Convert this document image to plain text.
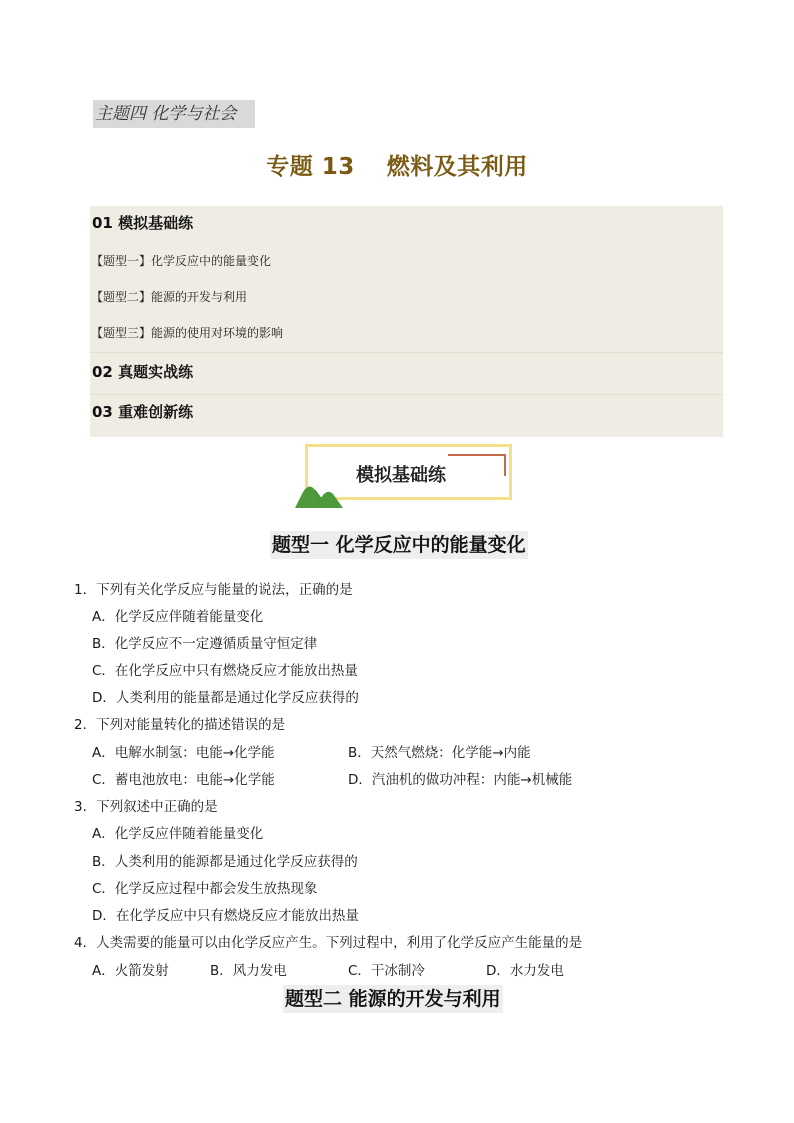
主题四 化学与社会
专题 13　 燃料及其利用
01 模拟基础练
【题型一】化学反应中的能量变化
【题型二】能源的开发与利用
【题型三】能源的使用对环境的影响
02 真题实战练
03 重难创新练
模拟基础练
题型一 化学反应中的能量变化
1．下列有关化学反应与能量的说法，正确的是
A．化学反应伴随着能量变化
B．化学反应不一定遵循质量守恒定律
C．在化学反应中只有燃烧反应才能放出热量
D．人类利用的能量都是通过化学反应获得的
2．下列对能量转化的描述错误的是
A．电解水制氢：电能→化学能	B．天然气燃烧：化学能→内能
C．蓄电池放电：电能→化学能	D．汽油机的做功冲程：内能→机械能
3．下列叙述中正确的是
A．化学反应伴随着能量变化
B．人类利用的能源都是通过化学反应获得的
C．化学反应过程中都会发生放热现象
D．在化学反应中只有燃烧反应才能放出热量
4．人类需要的能量可以由化学反应产生。下列过程中，利用了化学反应产生能量的是
A．火箭发射	B．风力发电	C．干冰制冷	D．水力发电
题型二 能源的开发与利用
